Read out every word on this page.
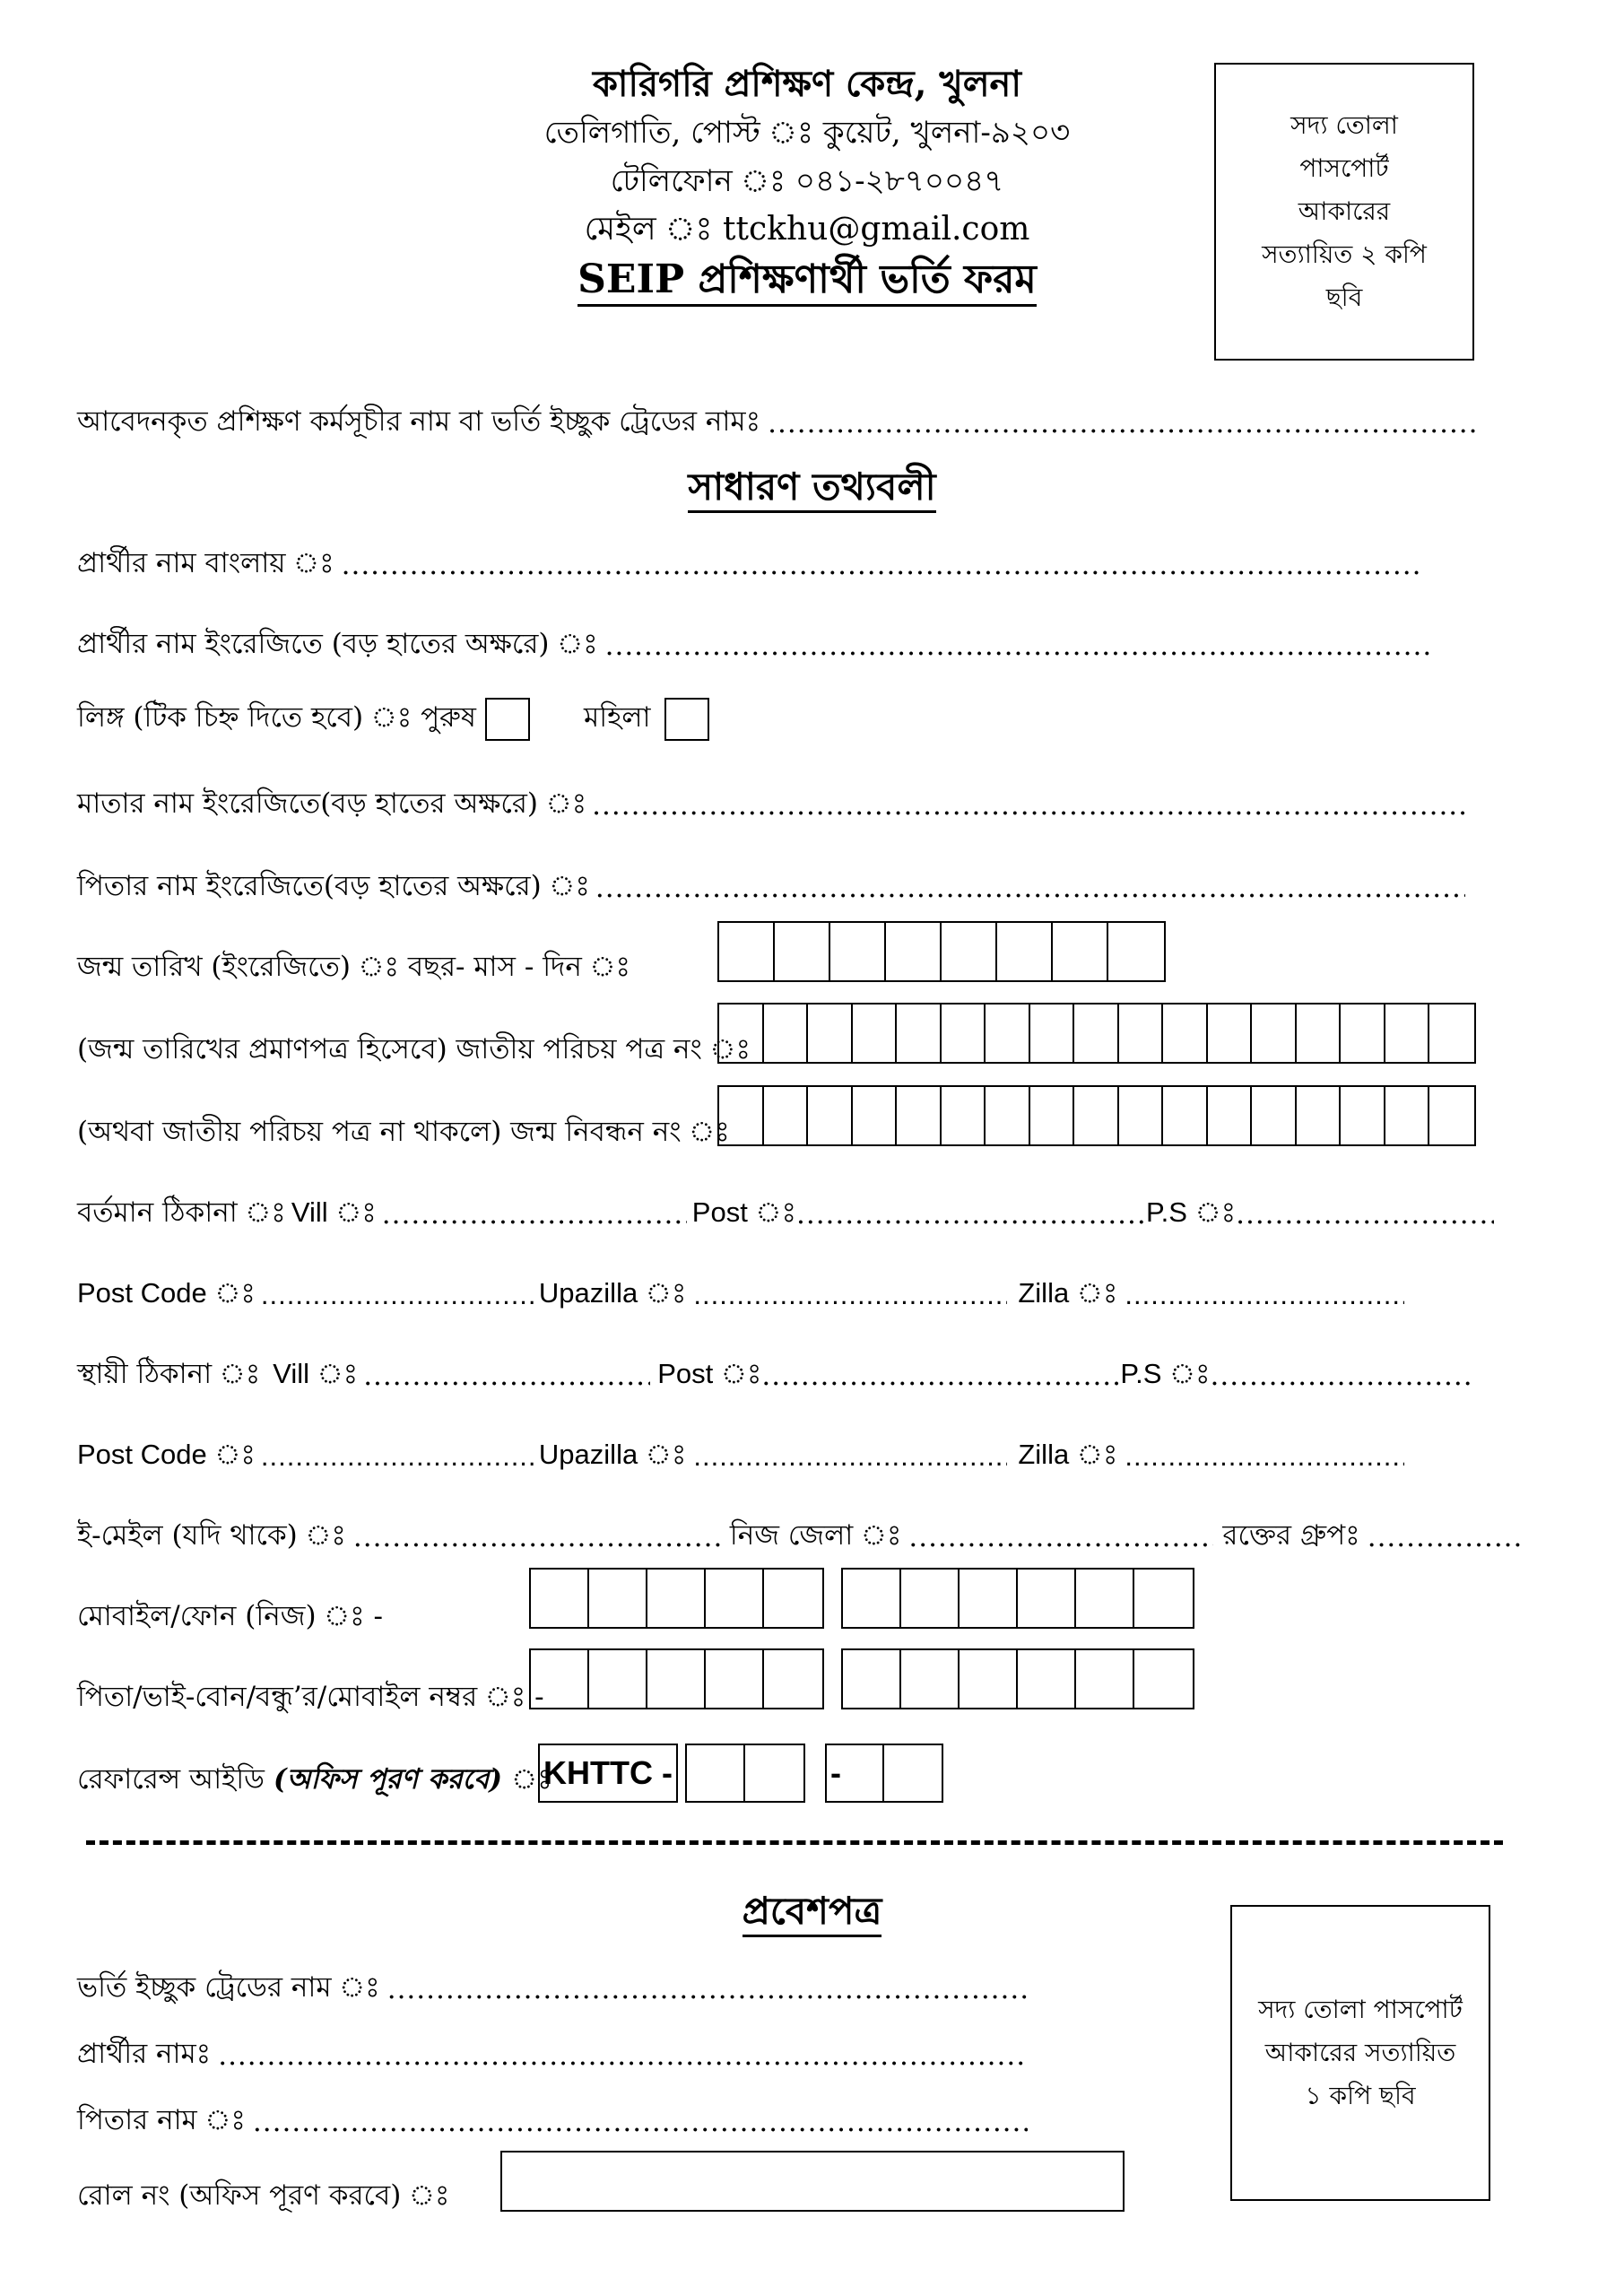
কারিগরি প্রশিক্ষণ কেন্দ্র, খুলনা
তেলিগাতি, পোস্ট ঃ কুয়েট, খুলনা-৯২০৩
টেলিফোন ঃ ০৪১-২৮৭০০৪৭
মেইল ঃ ttckhu@gmail.com
SEIP প্রশিক্ষণার্থী ভর্তি ফরম
সদ্য তোলা পাসপোর্ট আকারের সত্যায়িত ২ কপি ছবি
আবেদনকৃত প্রশিক্ষণ কর্মসূচীর নাম বা ভর্তি ইচ্ছুক ট্রেডের নামঃ
.....
সাধারণ তথ্যবলী
প্রার্থীর নাম বাংলায় ঃ
.....
প্রার্থীর নাম ইংরেজিতে (বড় হাতের অক্ষরে) ঃ
.....
লিঙ্গ (টিক চিহ্ন দিতে হবে) ঃ পুরুষ	মহিলা
মাতার নাম ইংরেজিতে(বড় হাতের অক্ষরে) ঃ
.....
পিতার নাম ইংরেজিতে(বড় হাতের অক্ষরে) ঃ
.....
জন্ম তারিখ (ইংরেজিতে) ঃ বছর- মাস - দিন ঃ
(জন্ম তারিখের প্রমাণপত্র হিসেবে) জাতীয় পরিচয় পত্র নং ঃ
(অথবা জাতীয় পরিচয় পত্র না থাকলে) জন্ম নিবন্ধন নং ঃ
বর্তমান ঠিকানা ঃ Vill ঃ .....	Post ঃ .....	P.S ঃ
.....
Post Code ঃ .....	Upazilla ঃ .....	Zilla ঃ
.....
স্থায়ী ঠিকানা ঃ Vill ঃ .....	Post ঃ .....	P.S ঃ
.....
Post Code ঃ .....	Upazilla ঃ .....	Zilla ঃ
.....
ই-মেইল (যদি থাকে) ঃ .....	নিজ জেলা ঃ .....	রক্তের গ্রুপঃ
.....
মোবাইল/ফোন (নিজ) ঃ -
পিতা/ভাই-বোন/বন্ধু’র/মোবাইল নম্বর ঃ -
রেফারেন্স আইডি (অফিস পূরণ করবে) ঃ
KHTTC -	-
প্রবেশপত্র
সদ্য তোলা পাসপোর্ট আকারের সত্যায়িত ১ কপি ছবি
ভর্তি ইচ্ছুক ট্রেডের নাম ঃ
.....
প্রার্থীর নামঃ
.....
পিতার নাম ঃ
.....
রোল নং (অফিস পূরণ করবে) ঃ
